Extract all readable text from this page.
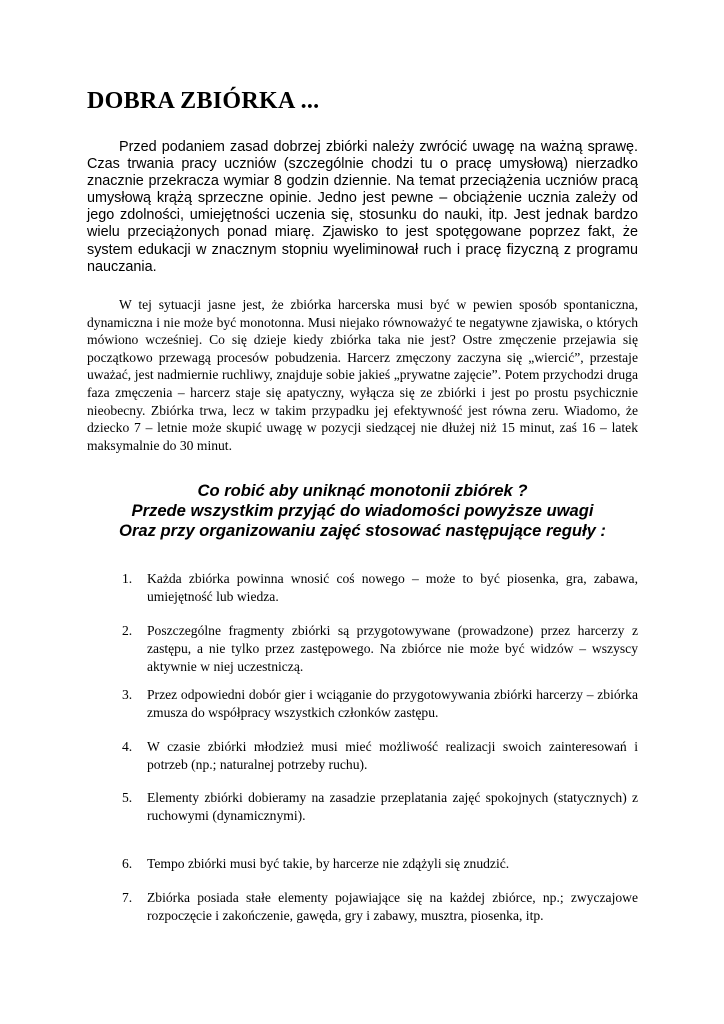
DOBRA ZBIÓRKA ...

Przed podaniem zasad dobrzej zbiórki należy zwrócić uwagę na ważną sprawę. Czas trwania pracy uczniów (szczególnie chodzi tu o pracę umysłową) nierzadko znacznie przekracza wymiar 8 godzin dziennie. Na temat przeciążenia uczniów pracą umysłową krążą sprzeczne opinie. Jedno jest pewne – obciążenie ucznia zależy od jego zdolności, umiejętności uczenia się, stosunku do nauki, itp. Jest jednak bardzo wielu przeciążonych ponad miarę. Zjawisko to jest spotęgowane poprzez fakt, że system edukacji w znacznym stopniu wyeliminował ruch i pracę fizyczną z programu nauczania.

W tej sytuacji jasne jest, że zbiórka harcerska musi być w pewien sposób spontaniczna, dynamiczna i nie może być monotonna. Musi niejako równoważyć te negatywne zjawiska, o których mówiono wcześniej. Co się dzieje kiedy zbiórka taka nie jest? Ostre zmęczenie przejawia się początkowo przewagą procesów pobudzenia. Harcerz zmęczony zaczyna się „wiercić”, przestaje uważać, jest nadmiernie ruchliwy, znajduje sobie jakieś „prywatne zajęcie”. Potem przychodzi druga faza zmęczenia – harcerz staje się apatyczny, wyłącza się ze zbiórki i jest po prostu psychicznie nieobecny. Zbiórka trwa, lecz w takim przypadku jej efektywność jest równa zeru. Wiadomo, że dziecko 7 – letnie może skupić uwagę w pozycji siedzącej nie dłużej niż 15 minut, zaś 16 – latek maksymalnie do 30 minut.

Co robić aby uniknąć monotonii zbiórek ?
Przede wszystkim przyjąć do wiadomości powyższe uwagi
Oraz przy organizowaniu zajęć stosować następujące reguły :
1. Każda zbiórka powinna wnosić coś nowego – może to być piosenka, gra, zabawa, umiejętność lub wiedza.
2. Poszczególne fragmenty zbiórki są przygotowywane (prowadzone) przez harcerzy z zastępu, a nie tylko przez zastępowego. Na zbiórce nie może być widzów – wszyscy aktywnie w niej uczestniczą.
3. Przez odpowiedni dobór gier i wciąganie do przygotowywania zbiórki harcerzy – zbiórka zmusza do współpracy wszystkich członków zastępu.
4. W czasie zbiórki młodzież musi mieć możliwość realizacji swoich zainteresowań i potrzeb (np.; naturalnej potrzeby ruchu).
5. Elementy zbiórki dobieramy na zasadzie przeplatania zajęć spokojnych (statycznych) z ruchowymi (dynamicznymi).
6. Tempo zbiórki musi być takie, by harcerze nie zdążyli się znudzić.
7. Zbiórka posiada stałe elementy pojawiające się na każdej zbiórce, np.; zwyczajowe rozpoczęcie i zakończenie, gawęda, gry i zabawy, musztra, piosenka, itp.
